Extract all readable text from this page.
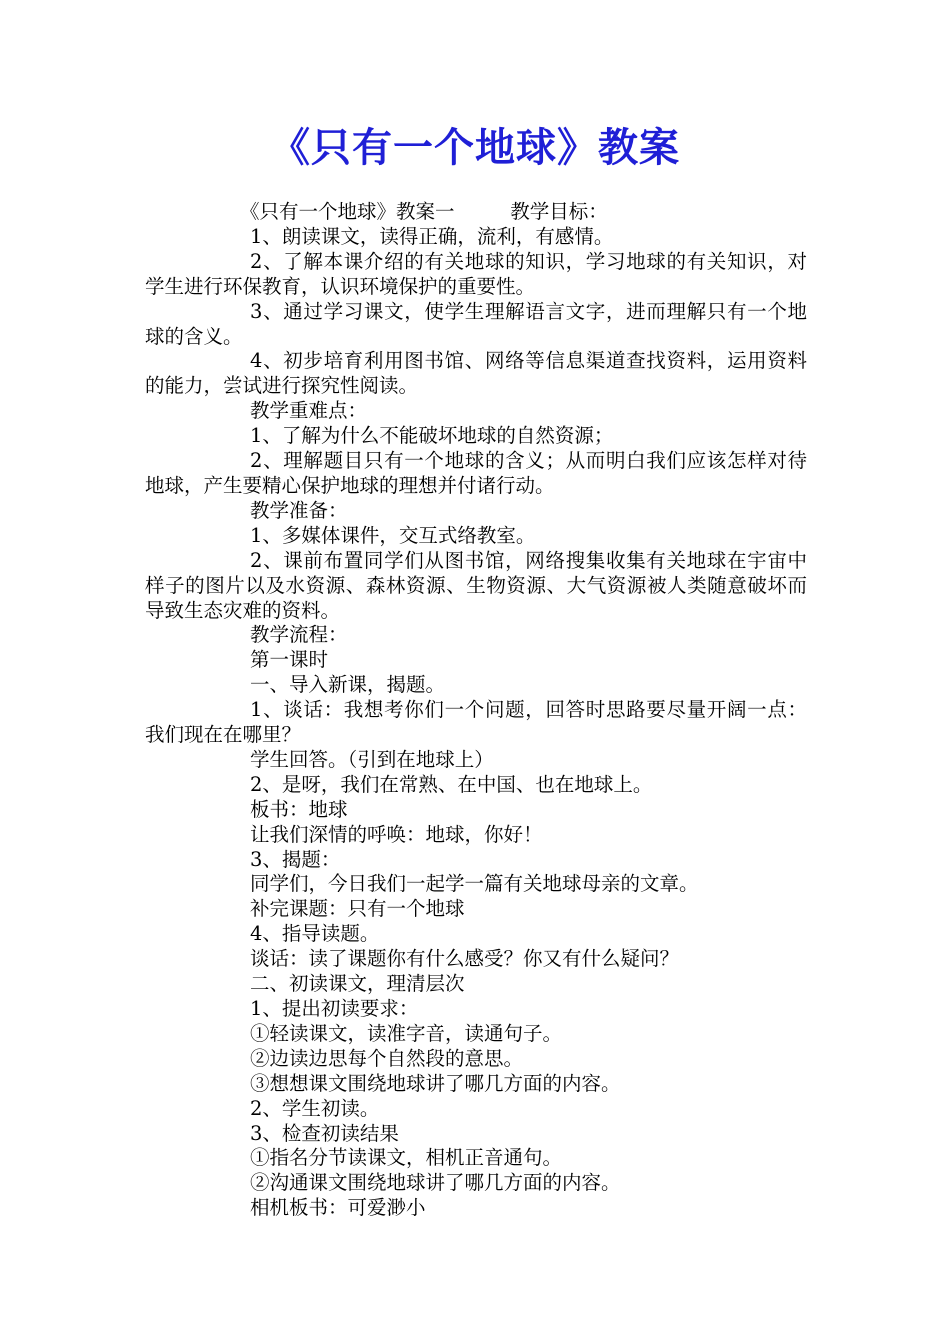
《只有一个地球》教案

《只有一个地球》教案一         教学目标：

1、朗读课文，读得正确，流利，有感情。

2、了解本课介绍的有关地球的知识，学习地球的有关知识，对学生进行环保教育，认识环境保护的重要性。

3、通过学习课文，使学生理解语言文字，进而理解只有一个地球的含义。

4、初步培育利用图书馆、网络等信息渠道查找资料，运用资料的能力，尝试进行探究性阅读。

教学重难点：

1、了解为什么不能破坏地球的自然资源；

2、理解题目只有一个地球的含义；从而明白我们应该怎样对待地球，产生要精心保护地球的理想并付诸行动。

教学准备：

1、多媒体课件，交互式络教室。

2、课前布置同学们从图书馆，网络搜集收集有关地球在宇宙中样子的图片以及水资源、森林资源、生物资源、大气资源被人类随意破坏而导致生态灾难的资料。

教学流程：

第一课时

一、导入新课，揭题。

1、谈话：我想考你们一个问题，回答时思路要尽量开阔一点：我们现在在哪里？

学生回答。（引到在地球上）

2、是呀，我们在常熟、在中国、也在地球上。

板书：地球

让我们深情的呼唤：地球，你好！

3、揭题：

同学们，今日我们一起学一篇有关地球母亲的文章。

补完课题：只有一个地球

4、指导读题。

谈话：读了课题你有什么感受？你又有什么疑问？

二、初读课文，理清层次

1、提出初读要求：

①轻读课文，读准字音，读通句子。

②边读边思每个自然段的意思。

③想想课文围绕地球讲了哪几方面的内容。

2、学生初读。

3、检查初读结果

①指名分节读课文，相机正音通句。

②沟通课文围绕地球讲了哪几方面的内容。

相机板书：可爱渺小
